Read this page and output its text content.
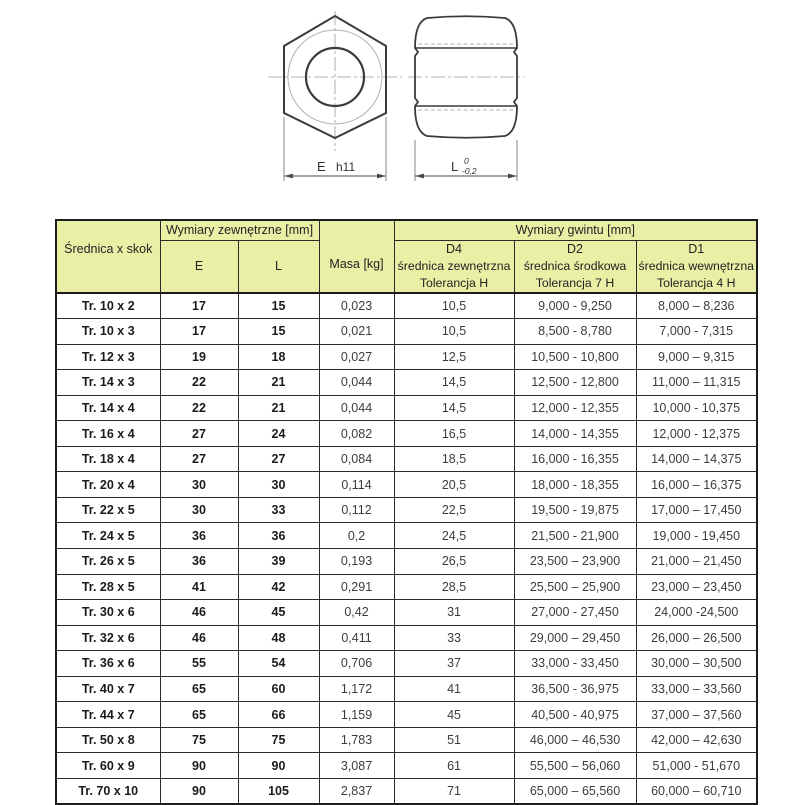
E h11	L 0
-0,2
Średnica x skok	Wymiary zewnętrzne [mm]		Masa [kg]	Wymiary gwintu [mm]		
	E	L		D4
średnica zewnętrzna
Tolerancja H	D2
średnica środkowa
Tolerancja 7 H	D1
średnica wewnętrzna
Tolerancja 4 H

Tr. 10 x 2	17	15	0,023	10,5	9,000 - 9,250	8,000 – 8,236
Tr. 10 x 3	17	15	0,021	10,5	8,500 - 8,780	7,000 - 7,315
Tr. 12 x 3	19	18	0,027	12,5	10,500 - 10,800	9,000 – 9,315
Tr. 14 x 3	22	21	0,044	14,5	12,500 - 12,800	11,000 – 11,315
Tr. 14 x 4	22	21	0,044	14,5	12,000 - 12,355	10,000 - 10,375
Tr. 16 x 4	27	24	0,082	16,5	14,000 - 14,355	12,000 - 12,375
Tr. 18 x 4	27	27	0,084	18,5	16,000 - 16,355	14,000 – 14,375
Tr. 20 x 4	30	30	0,114	20,5	18,000 - 18,355	16,000 – 16,375
Tr. 22 x 5	30	33	0,112	22,5	19,500 - 19,875	17,000 – 17,450
Tr. 24 x 5	36	36	0,2	24,5	21,500 - 21,900	19,000 - 19,450
Tr. 26 x 5	36	39	0,193	26,5	23,500 – 23,900	21,000 – 21,450
Tr. 28 x 5	41	42	0,291	28,5	25,500 – 25,900	23,000 – 23,450
Tr. 30 x 6	46	45	0,42	31	27,000 - 27,450	24,000 -24,500
Tr. 32 x 6	46	48	0,411	33	29,000 – 29,450	26,000 – 26,500
Tr. 36 x 6	55	54	0,706	37	33,000 - 33,450	30,000 – 30,500
Tr. 40 x 7	65	60	1,172	41	36,500 - 36,975	33,000 – 33,560
Tr. 44 x 7	65	66	1,159	45	40,500 - 40,975	37,000 – 37,560
Tr. 50 x 8	75	75	1,783	51	46,000 – 46,530	42,000 – 42,630
Tr. 60 x 9	90	90	3,087	61	55,500 – 56,060	51,000 - 51,670
Tr. 70 x 10	90	105	2,837	71	65,000 – 65,560	60,000 – 60,710
